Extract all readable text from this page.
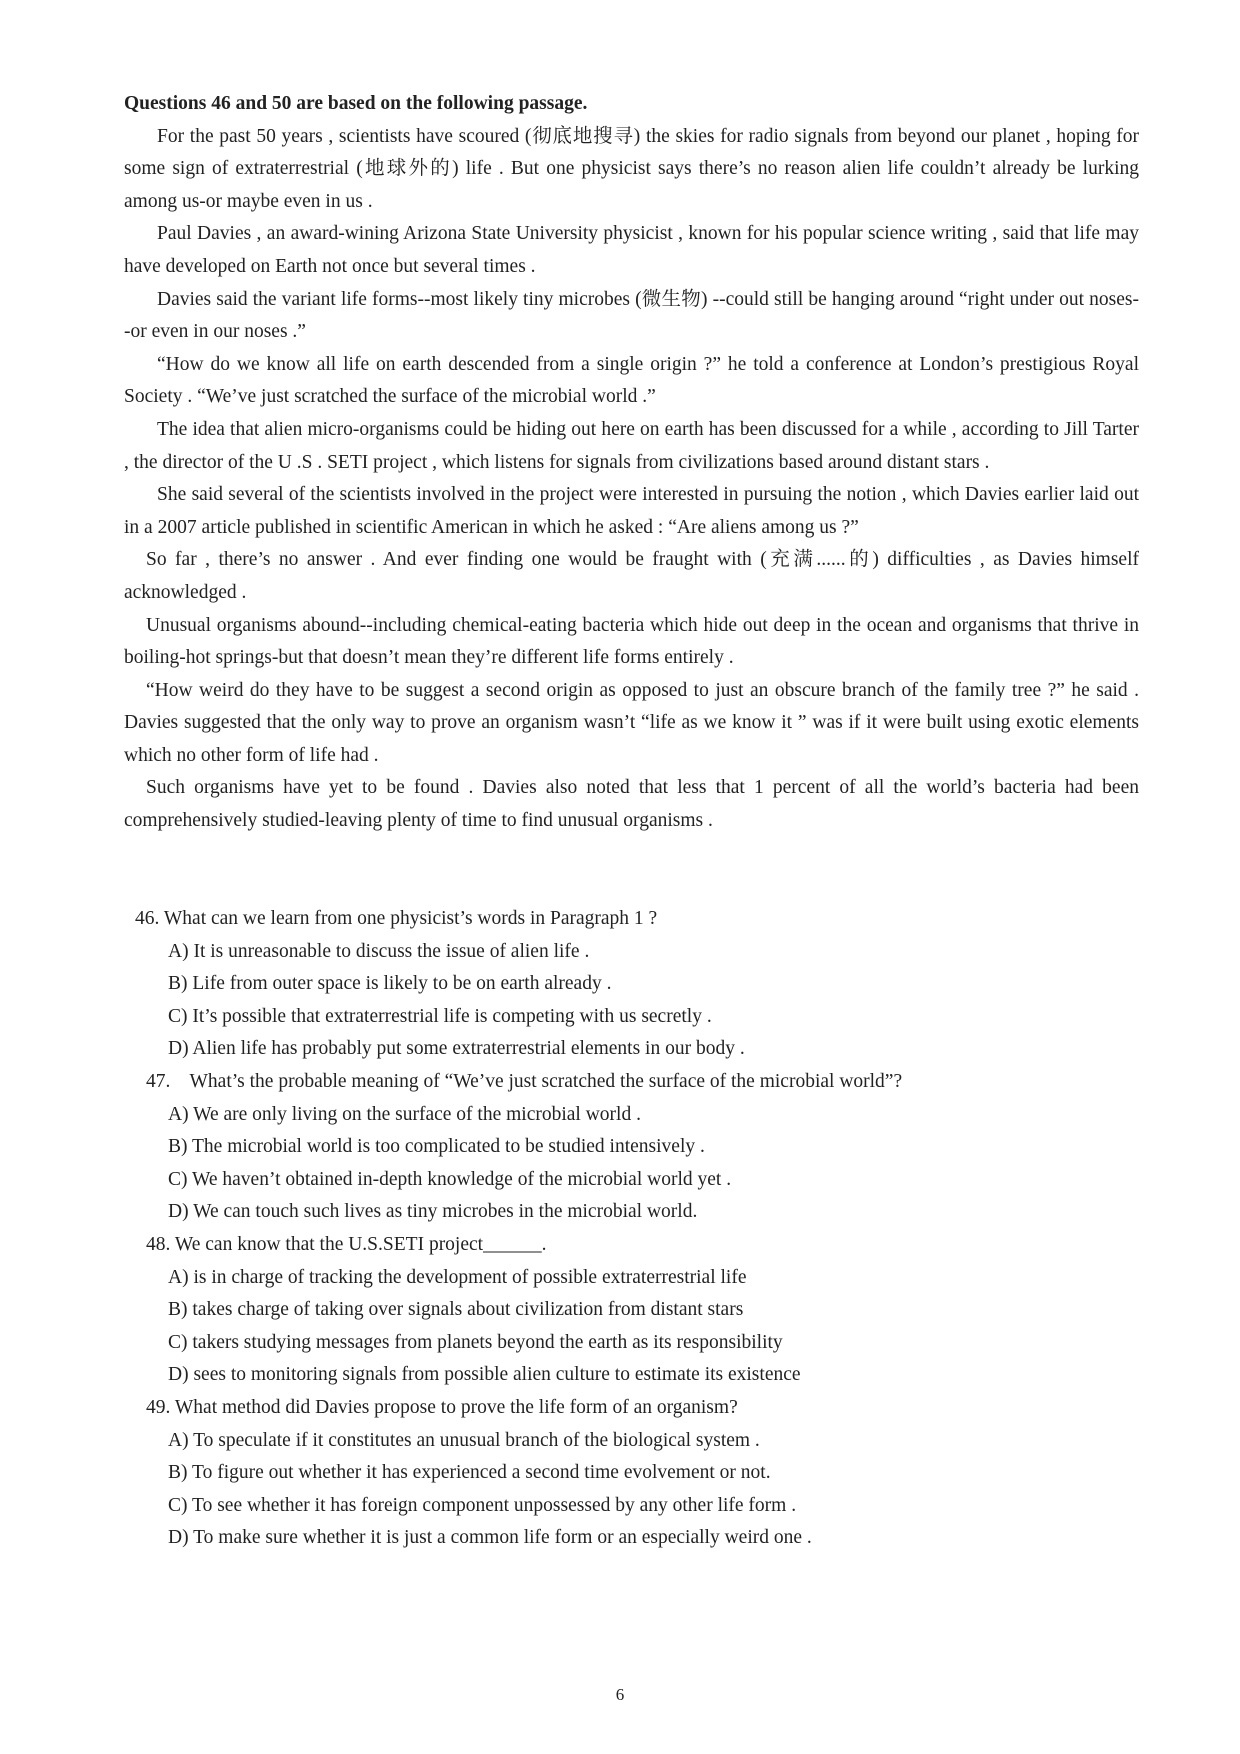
Questions 46 and 50 are based on the following passage.

For the past 50 years , scientists have scoured (彻底地搜寻) the skies for radio signals from beyond our planet , hoping for some sign of extraterrestrial (地球外的) life . But one physicist says there’s no reason alien life couldn’t already be lurking among us-or maybe even in us .

Paul Davies , an award-wining Arizona State University physicist , known for his popular science writing , said that life may have developed on Earth not once but several times .

Davies said the variant life forms--most likely tiny microbes (微生物) --could still be hanging around “right under out noses--or even in our noses .”

“How do we know all life on earth descended from a single origin ?” he told a conference at London’s prestigious Royal Society . “We’ve just scratched the surface of the microbial world .”

The idea that alien micro-organisms could be hiding out here on earth has been discussed for a while , according to Jill Tarter , the director of the U .S . SETI project , which listens for signals from civilizations based around distant stars .

She said several of the scientists involved in the project were interested in pursuing the notion , which Davies earlier laid out in a 2007 article published in scientific American in which he asked : “Are aliens among us ?”

So far , there’s no answer . And ever finding one would be fraught with (充满......的) difficulties , as Davies himself acknowledged .

Unusual organisms abound--including chemical-eating bacteria which hide out deep in the ocean and organisms that thrive in boiling-hot springs-but that doesn’t mean they’re different life forms entirely .

“How weird do they have to be suggest a second origin as opposed to just an obscure branch of the family tree ?” he said . Davies suggested that the only way to prove an organism wasn’t “life as we know it ” was if it were built using exotic elements which no other form of life had .

Such organisms have yet to be found . Davies also noted that less that 1 percent of all the world’s bacteria had been comprehensively studied-leaving plenty of time to find unusual organisms .

46. What can we learn from one physicist’s words in Paragraph 1 ?

A) It is unreasonable to discuss the issue of alien life .

B) Life from outer space is likely to be on earth already .

C) It’s possible that extraterrestrial life is competing with us secretly .

D) Alien life has probably put some extraterrestrial elements in our body .

47.    What’s the probable meaning of “We’ve just scratched the surface of the microbial world”?

A) We are only living on the surface of the microbial world .

B) The microbial world is too complicated to be studied intensively .

C) We haven’t obtained in-depth knowledge of the microbial world yet .

D) We can touch such lives as tiny microbes in the microbial world.

48. We can know that the U.S.SETI project______.

A) is in charge of tracking the development of possible extraterrestrial life

B) takes charge of taking over signals about civilization from distant stars

C) takers studying messages from planets beyond the earth as its responsibility

D) sees to monitoring signals from possible alien culture to estimate its existence

49. What method did Davies propose to prove the life form of an organism?

A) To speculate if it constitutes an unusual branch of the biological system .

B) To figure out whether it has experienced a second time evolvement or not.

C) To see whether it has foreign component unpossessed by any other life form .

D) To make sure whether it is just a common life form or an especially weird one .

6
